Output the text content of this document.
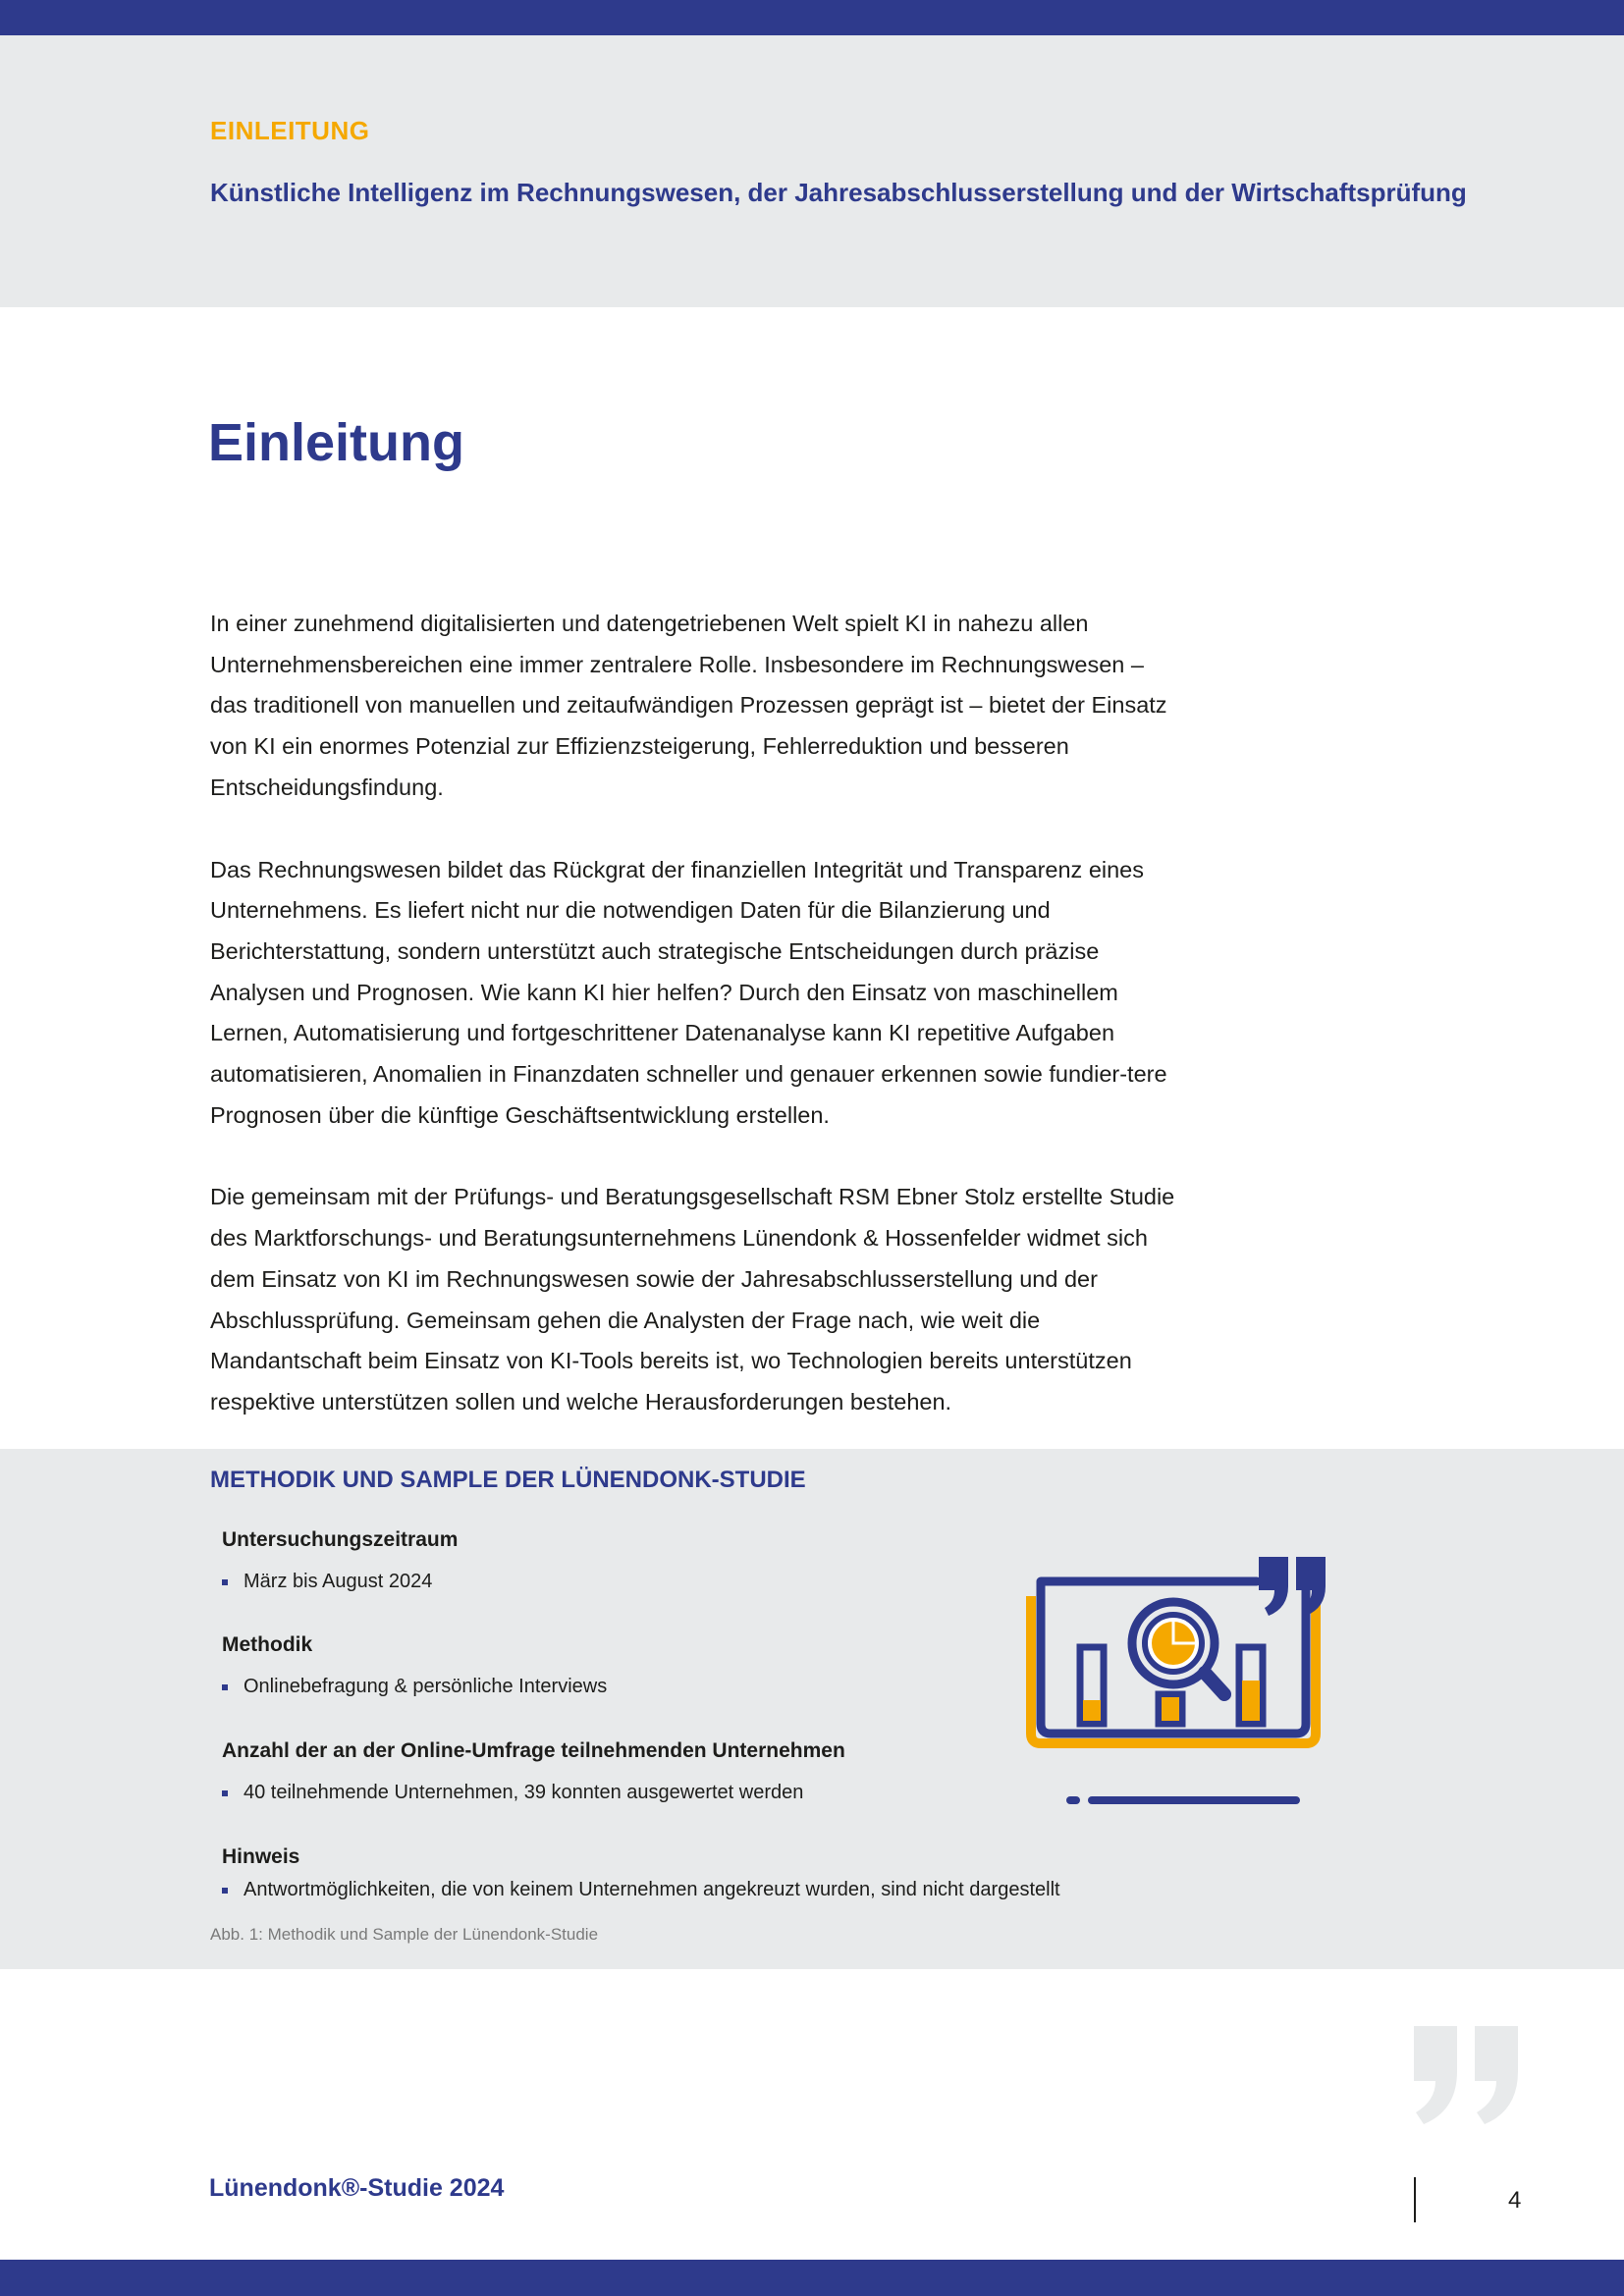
EINLEITUNG
Künstliche Intelligenz im Rechnungswesen, der Jahresabschlusserstellung und der Wirtschaftsprüfung
Einleitung

In einer zunehmend digitalisierten und datengetriebenen Welt spielt KI in nahezu allen Unternehmensbereichen eine immer zentralere Rolle. Insbesondere im Rechnungswesen – das traditionell von manuellen und zeitaufwändigen Prozessen geprägt ist – bietet der Einsatz von KI ein enormes Potenzial zur Effizienzsteigerung, Fehlerreduktion und besseren Entscheidungsfindung.

Das Rechnungswesen bildet das Rückgrat der finanziellen Integrität und Transparenz eines Unternehmens. Es liefert nicht nur die notwendigen Daten für die Bilanzierung und Berichterstattung, sondern unterstützt auch strategische Entscheidungen durch präzise Analysen und Prognosen. Wie kann KI hier helfen? Durch den Einsatz von maschinellem Lernen, Automatisierung und fortgeschrittener Datenanalyse kann KI repetitive Aufgaben automatisieren, Anomalien in Finanzdaten schneller und genauer erkennen sowie fundier-tere Prognosen über die künftige Geschäftsentwicklung erstellen.

Die gemeinsam mit der Prüfungs- und Beratungsgesellschaft RSM Ebner Stolz erstellte Studie des Marktforschungs- und Beratungsunternehmens Lünendonk & Hossenfelder widmet sich dem Einsatz von KI im Rechnungswesen sowie der Jahresabschlusserstellung und der Abschlussprüfung. Gemeinsam gehen die Analysten der Frage nach, wie weit die Mandantschaft beim Einsatz von KI-Tools bereits ist, wo Technologien bereits unterstützen respektive unterstützen sollen und welche Herausforderungen bestehen.

METHODIK UND SAMPLE DER LÜNENDONK-STUDIE
Untersuchungszeitraum
März bis August 2024
Methodik
Onlinebefragung & persönliche Interviews
Anzahl der an der Online-Umfrage teilnehmenden Unternehmen
40 teilnehmende Unternehmen, 39 konnten ausgewertet werden
Hinweis
Antwortmöglichkeiten, die von keinem Unternehmen angekreuzt wurden, sind nicht dargestellt
Abb. 1: Methodik und Sample der Lünendonk-Studie
Lünendonk®-Studie 2024	4
